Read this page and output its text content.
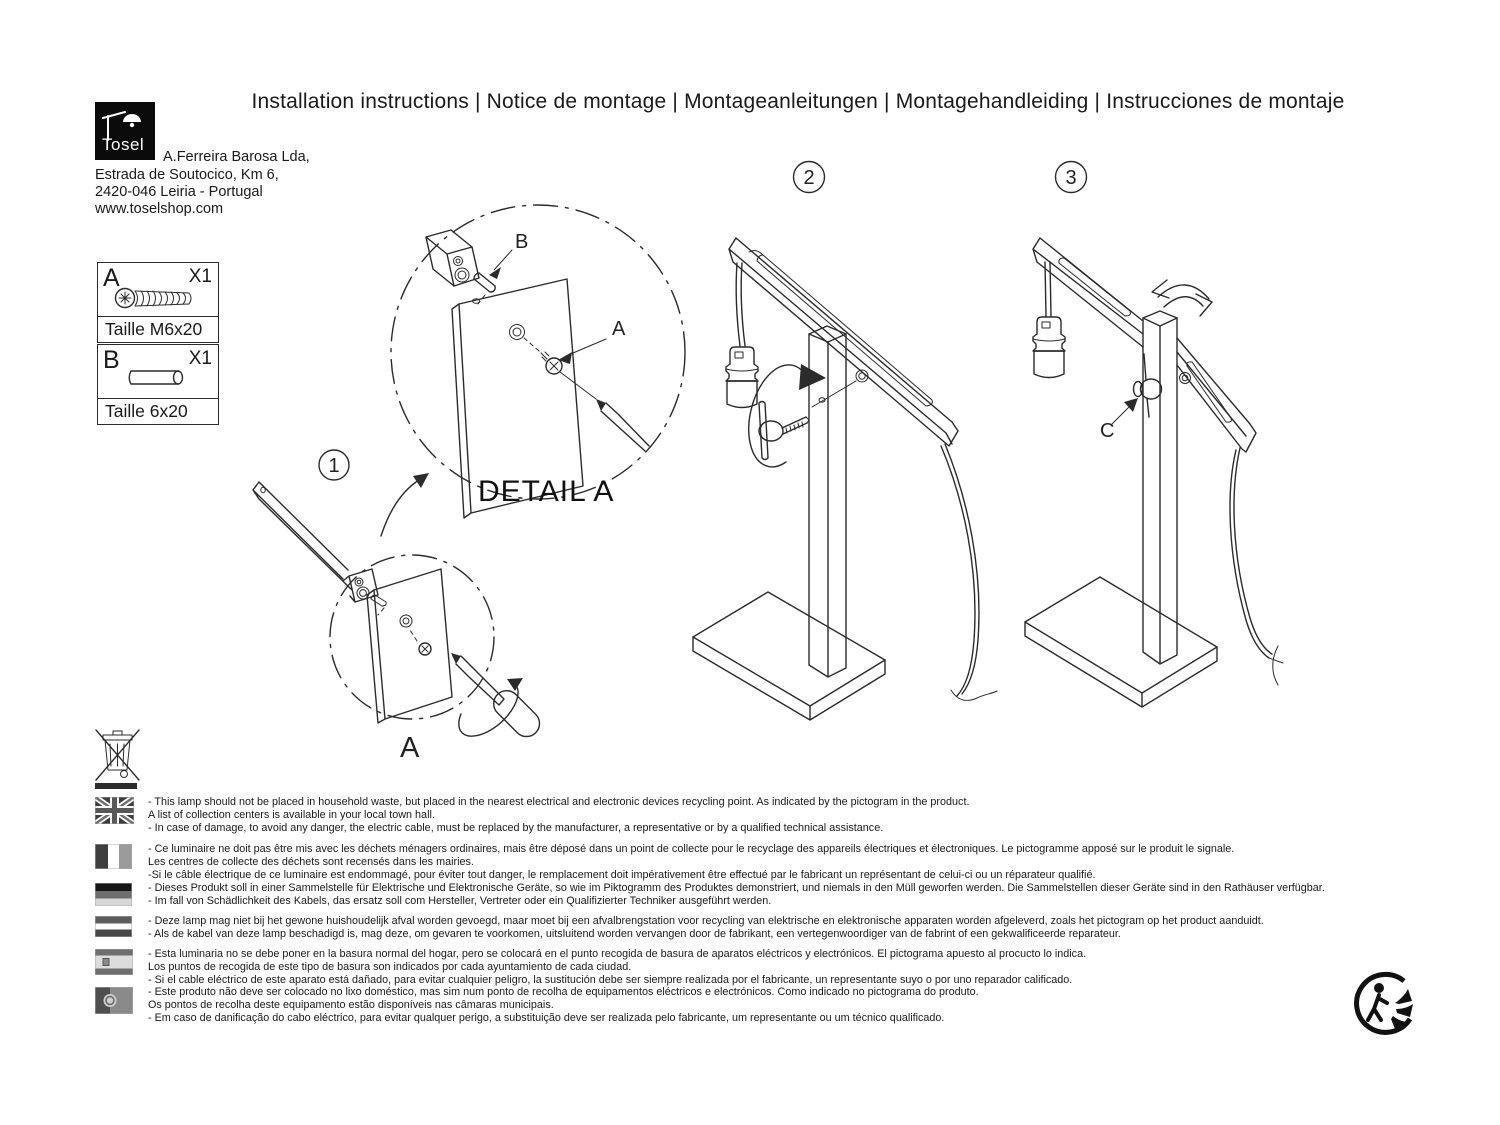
Installation instructions | Notice de montage | Montageanleitungen | Montagehandleiding | Instrucciones de montaje
Tosel
A.Ferreira Barosa Lda,
Estrada de Soutocico, Km 6,
2420-046 Leiria - Portugal
www.toselshop.com
A	X1
Taille M6x20
B	X1
Taille 6x20
B
A
DETAIL A
1
A
2	3
C
- This lamp should not be placed in household waste, but placed in the nearest electrical and electronic devices recycling point. As indicated by the pictogram in the product.
A list of collection centers is available in your local town hall.
- In case of damage, to avoid any danger, the electric cable, must be replaced by the manufacturer, a representative or by a qualified technical assistance.
- Ce luminaire ne doit pas être mis avec les déchets ménagers ordinaires, mais être déposé dans un point de collecte pour le recyclage des appareils électriques et électroniques. Le pictogramme apposé sur le produit le signale.
Les centres de collecte des déchets sont recensés dans les mairies.
-Si le câble électrique de ce luminaire est endommagé, pour éviter tout danger, le remplacement doit impérativement être effectué par le fabricant un représentant de celui-ci ou un réparateur qualifié.
- Dieses Produkt soll in einer Sammelstelle für Elektrische und Elektronische Geräte, so wie im Piktogramm des Produktes demonstriert, und niemals in den Müll geworfen werden. Die Sammelstellen dieser Geräte sind in den Rathäuser verfügbar.
- Im fall von Schädlichkeit des Kabels, das ersatz soll com Hersteller, Vertreter oder ein Qualifizierter Techniker ausgeführt werden.
- Deze lamp mag niet bij het gewone huishoudelijk afval worden gevoegd, maar moet bij een afvalbrengstation voor recycling van elektrische en elektronische apparaten worden afgeleverd, zoals het pictogram op het product aanduidt.
- Als de kabel van deze lamp beschadigd is, mag deze, om gevaren te voorkomen, uitsluitend worden vervangen door de fabrikant, een vertegenwoordiger van de fabrint of een gekwalificeerde reparateur.
- Esta luminaria no se debe poner en la basura normal del hogar, pero se colocará en el punto recogida de basura de aparatos eléctricos y electrónicos. El pictograma apuesto al procucto lo indica.
Los puntos de recogida de este tipo de basura son indicados por cada ayuntamiento de cada ciudad.
- Si el cable eléctrico de este aparato está dañado, para evitar cualquier peligro, la sustitución debe ser siempre realizada por el fabricante, un representante suyo o por uno reparador calificado.
- Este produto não deve ser colocado no lixo doméstico, mas sim num ponto de recolha de equipamentos eléctricos e electrónicos. Como indicado no pictograma do produto.
Os pontos de recolha deste equipamento estão disponíveis nas câmaras municipais.
- Em caso de danificação do cabo eléctrico, para evitar qualquer perigo, a substituição deve ser realizada pelo fabricante, um representante ou um técnico qualificado.
